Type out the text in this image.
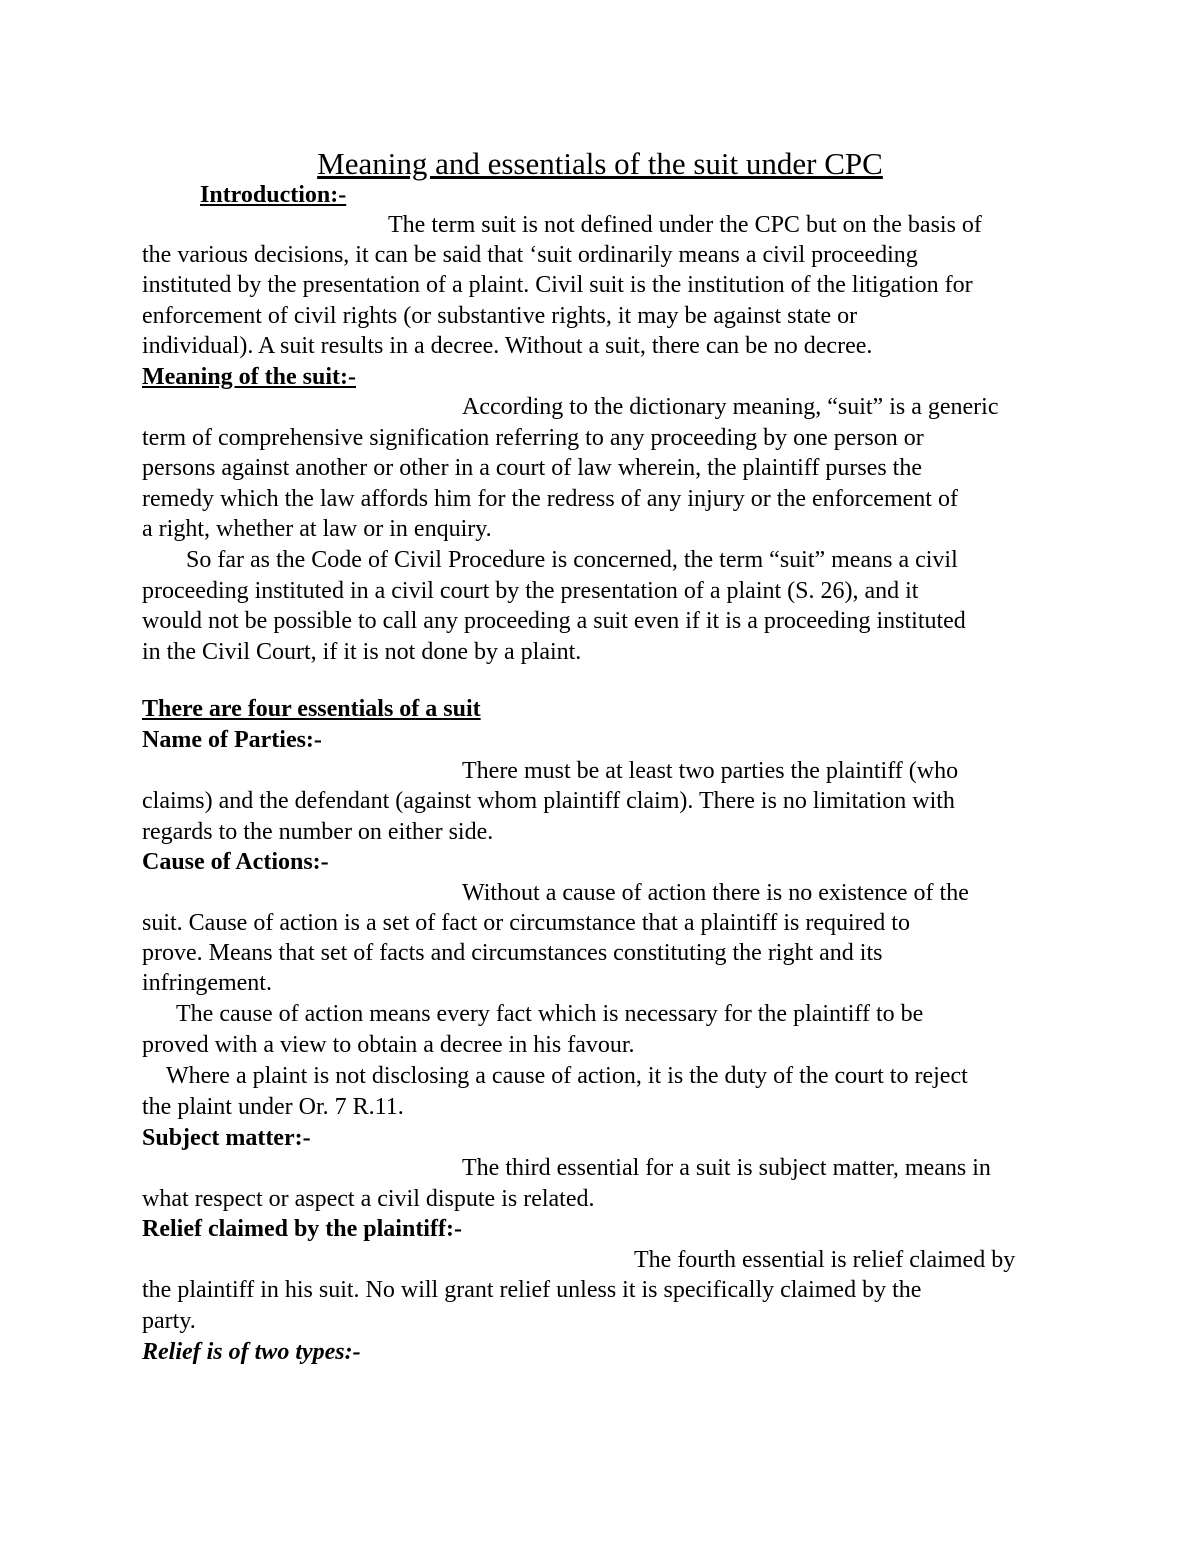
Meaning and essentials of the suit under CPC
Introduction:-
The term suit is not defined under the CPC but on the basis of
the various decisions, it can be said that ‘suit ordinarily means a civil proceeding
instituted by the presentation of a plaint. Civil suit is the institution of the litigation for
enforcement of civil rights (or substantive rights, it may be against state or
individual). A suit results in a decree. Without a suit, there can be no decree.
Meaning of the suit:-
According to the dictionary meaning, “suit” is a generic
term of comprehensive signification referring to any proceeding by one person or
persons against another or other in a court of law wherein, the plaintiff purses the
remedy which the law affords him for the redress of any injury or the enforcement of
a right, whether at law or in enquiry.
So far as the Code of Civil Procedure is concerned, the term “suit” means a civil
proceeding instituted in a civil court by the presentation of a plaint (S. 26), and it
would not be possible to call any proceeding a suit even if it is a proceeding instituted
in the Civil Court, if it is not done by a plaint.
There are four essentials of a suit
Name of Parties:-
There must be at least two parties the plaintiff (who
claims) and the defendant (against whom plaintiff claim). There is no limitation with
regards to the number on either side.
Cause of Actions:-
Without a cause of action there is no existence of the
suit. Cause of action is a set of fact or circumstance that a plaintiff is required to
prove. Means that set of facts and circumstances constituting the right and its
infringement.
The cause of action means every fact which is necessary for the plaintiff to be
proved with a view to obtain a decree in his favour.
Where a plaint is not disclosing a cause of action, it is the duty of the court to reject
the plaint under Or. 7 R.11.
Subject matter:-
The third essential for a suit is subject matter, means in
what respect or aspect a civil dispute is related.
Relief claimed by the plaintiff:-
The fourth essential is relief claimed by
the plaintiff in his suit. No will grant relief unless it is specifically claimed by the
party.
Relief is of two types:-
